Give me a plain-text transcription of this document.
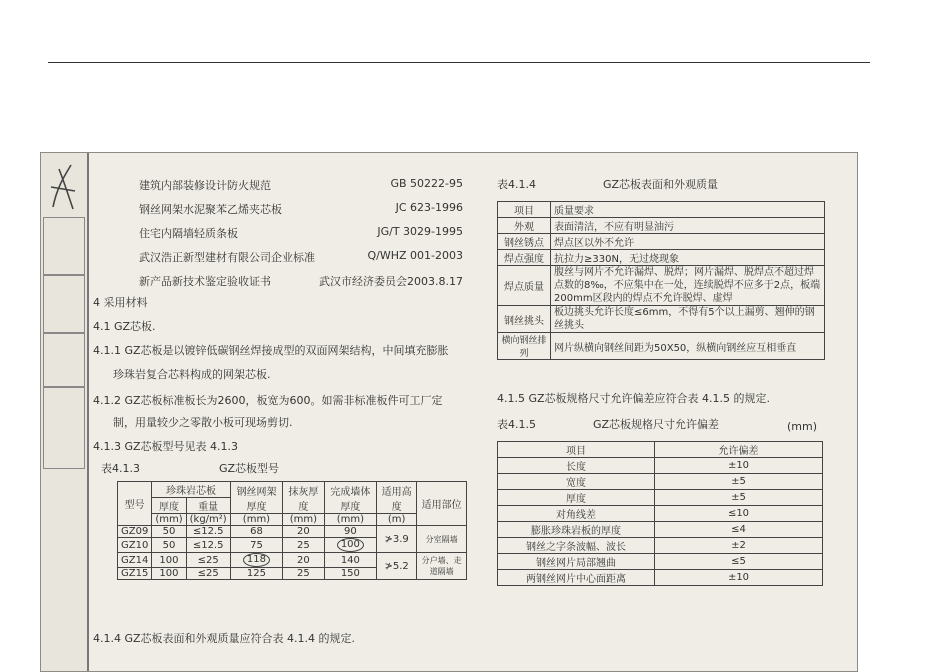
建筑内部装修设计防火规范	GB 50222-95
钢丝网架水泥聚苯乙烯夹芯板	JC 623-1996
住宅内隔墙轻质条板	JG/T 3029-1995
武汉浩正新型建材有限公司企业标准	Q/WHZ 001-2003
新产品新技术鉴定验收证书	武汉市经济委员会2003.8.17
4 采用材料
4.1 GZ芯板.
4.1.1 GZ芯板是以镀锌低碳钢丝焊接成型的双面网架结构，中间填充膨胀
珍珠岩复合芯料构成的网架芯板.
4.1.2 GZ芯板标准板长为2600，板宽为600。如需非标准板件可工厂定
制，用量较少之零散小板可现场剪切.
4.1.3 GZ芯板型号见表 4.1.3
表4.1.3	GZ芯板型号
型号	珍珠岩芯板		钢丝网架厚度	抹灰厚度	完成墙体厚度	适用高度	适用部位
	厚度	重量					
	(mm)	(kg/m²)	(mm)	(mm)	(mm)	(m)	
GZ09	50	≤12.5	68	20	90	≯3.9	分室隔墙
GZ10	50	≤12.5	75	25	100		
GZ14	100	≤25	118	20	140	≯5.2	分户墙、走道隔墙
GZ15	100	≤25	125	25	150		
4.1.4 GZ芯板表面和外观质量应符合表 4.1.4 的规定.
表4.1.4	GZ芯板表面和外观质量
项目	质量要求
外观	表面清洁，不应有明显油污
钢丝锈点	焊点区以外不允许
焊点强度	抗拉力≥330N，无过烧现象
焊点质量	腹丝与网片不允许漏焊、脱焊；网片漏焊、脱焊点不超过焊点数的8‰，不应集中在一处，连续脱焊不应多于2点，板端200mm区段内的焊点不允许脱焊、虚焊
钢丝挑头	板边挑头允许长度≤6mm，不得有5个以上漏剪、翘伸的钢丝挑头
横向钢丝排列	网片纵横向钢丝间距为50X50，纵横向钢丝应互相垂直
4.1.5 GZ芯板规格尺寸允许偏差应符合表 4.1.5 的规定.
表4.1.5	GZ芯板规格尺寸允许偏差	(mm)
项目	允许偏差
长度	±10
宽度	±5
厚度	±5
对角线差	≤10
膨胀珍珠岩板的厚度	≤4
钢丝之字条波幅、波长	±2
钢丝网片局部翘曲	≤5
两钢丝网片中心面距离	±10
